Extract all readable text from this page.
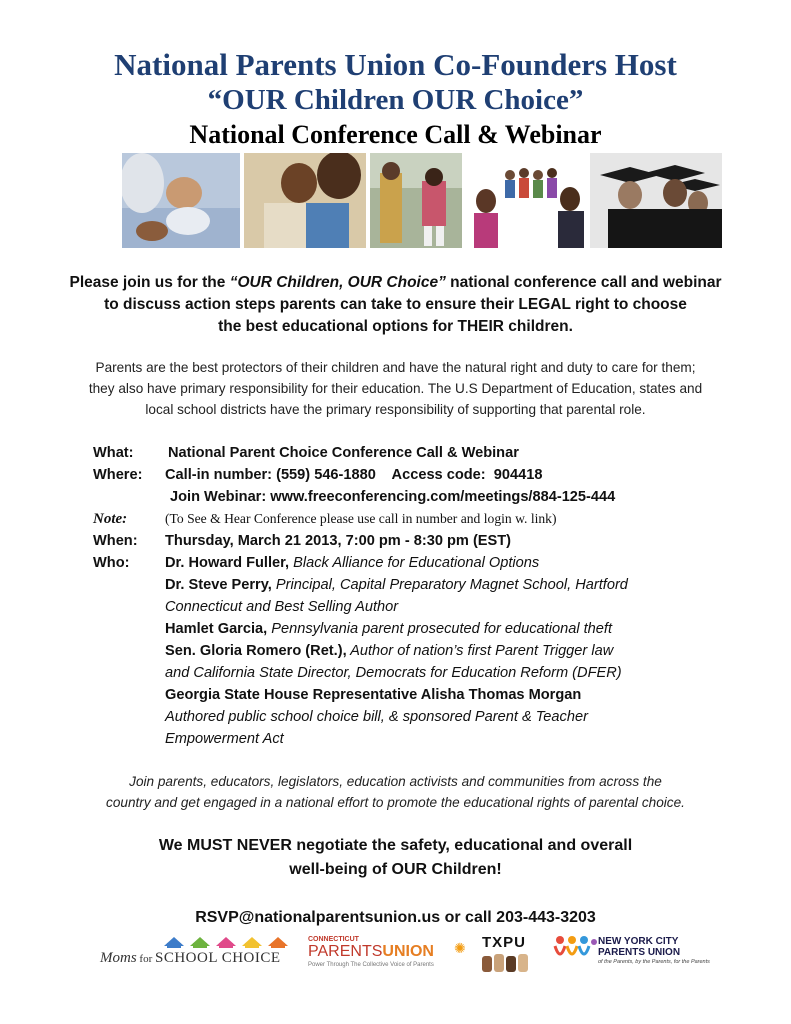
National Parents Union Co-Founders Host
“OUR Children OUR Choice”
National Conference Call & Webinar
Please join us for the “OUR Children, OUR Choice” national conference call and webinar
to discuss action steps parents can take to ensure their LEGAL right to choose
the best educational options for THEIR children.
Parents are the best protectors of their children and have the natural right and duty to care for them;
they also have primary responsibility for their education. The U.S Department of Education, states and
local school districts have the primary responsibility of supporting that parental role.
What: National Parent Choice Conference Call & Webinar
Where: Call-in number: (559) 546-1880    Access code:  904418
Join Webinar: www.freeconferencing.com/meetings/884-125-444
Note:	(To See & Hear Conference please use call in number and login w. link)
When: Thursday, March 21 2013, 7:00 pm - 8:30 pm (EST)
Who: Dr. Howard Fuller, Black Alliance for Educational Options
Dr. Steve Perry, Principal, Capital Preparatory Magnet School, Hartford
Connecticut and Best Selling Author
Hamlet Garcia, Pennsylvania parent prosecuted for educational theft
Sen. Gloria Romero (Ret.), Author of nation’s first Parent Trigger law
and California State Director, Democrats for Education Reform (DFER)
Georgia State House Representative Alisha Thomas Morgan
Authored public school choice bill, & sponsored Parent & Teacher
Empowerment Act
Join parents, educators, legislators, education activists and communities from across the
country and get engaged in a national effort to promote the educational rights of parental choice.
We MUST NEVER negotiate the safety, educational and overall
well-being of OUR Children!
RSVP@nationalparentsunion.us or call 203-443-3203
Moms for SCHOOL CHOICE
CONNECTICUT
PARENTSUNION
Power Through The Collective Voice of Parents
✺ TXPU	NEW YORK CITY
PARENTS UNION
of the Parents, by the Parents, for the Parents
